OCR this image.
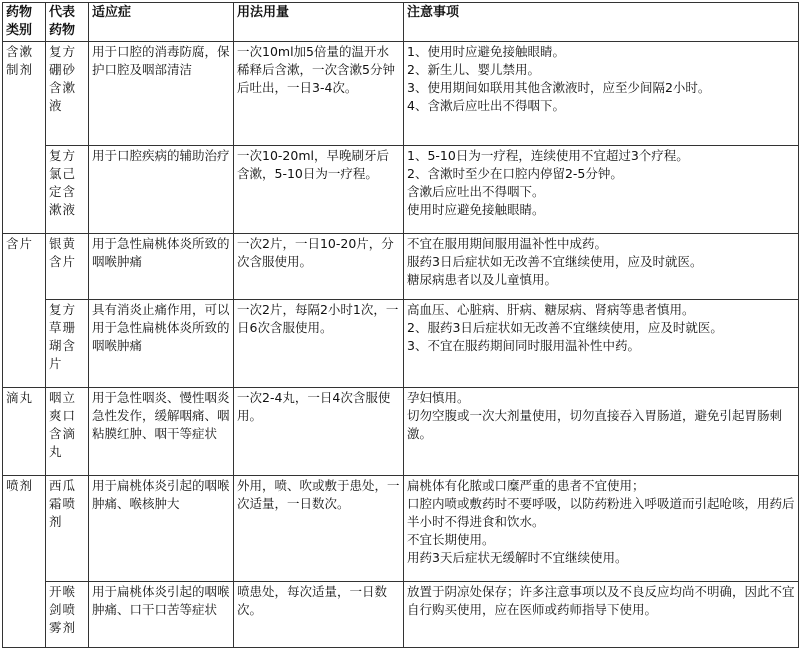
药物类别	代表药物	适应症	用法用量	注意事项
含漱制剂	复方硼砂含漱液	用于口腔的消毒防腐，保护口腔及咽部清洁	一次10ml加5倍量的温开水稀释后含漱，一次含漱5分钟后吐出，一日3-4次。	1、使用时应避免接触眼睛。
2、新生儿、婴儿禁用。
3、使用期间如联用其他含漱液时，应至少间隔2小时。
4、含漱后应吐出不得咽下。

	复方氯己定含漱液	用于口腔疾病的辅助治疗	一次10-20ml，早晚刷牙后含漱，5-10日为一疗程。	1、5-10日为一疗程，连续使用不宜超过3个疗程。
2、含漱时至少在口腔内停留2-5分钟。
含漱后应吐出不得咽下。
使用时应避免接触眼睛。

含片	银黄含片	用于急性扁桃体炎所致的咽喉肿痛	一次2片，一日10-20片，分次含服使用。	不宜在服用期间服用温补性中成药。
服药3日后症状如无改善不宜继续使用，应及时就医。
糖尿病患者以及儿童慎用。

	复方草珊瑚含片	具有消炎止痛作用，可以用于急性扁桃体炎所致的咽喉肿痛	一次2片，每隔2小时1次，一日6次含服使用。	高血压、心脏病、肝病、糖尿病、肾病等患者慎用。
2、服药3日后症状如无改善不宜继续使用，应及时就医。
3、不宜在服药期间同时服用温补性中药。

滴丸	咽立爽口含滴丸	用于急性咽炎、慢性咽炎急性发作，缓解咽痛、咽粘膜红肿、咽干等症状	一次2-4丸，一日4次含服使用。	孕妇慎用。
切勿空腹或一次大剂量使用，切勿直接吞入胃肠道，避免引起胃肠刺激。

喷剂	西瓜霜喷剂	用于扁桃体炎引起的咽喉肿痛、喉核肿大	外用，喷、吹或敷于患处，一次适量，一日数次。	扁桃体有化脓或口糜严重的患者不宜使用；
口腔内喷或敷药时不要呼吸，以防药粉进入呼吸道而引起呛咳，用药后半小时不得进食和饮水。
不宜长期使用。
用药3天后症状无缓解时不宜继续使用。

	开喉剑喷雾剂	用于扁桃体炎引起的咽喉肿痛、口干口苦等症状	喷患处，每次适量，一日数次。	放置于阴凉处保存；许多注意事项以及不良反应均尚不明确，因此不宜自行购买使用，应在医师或药师指导下使用。
